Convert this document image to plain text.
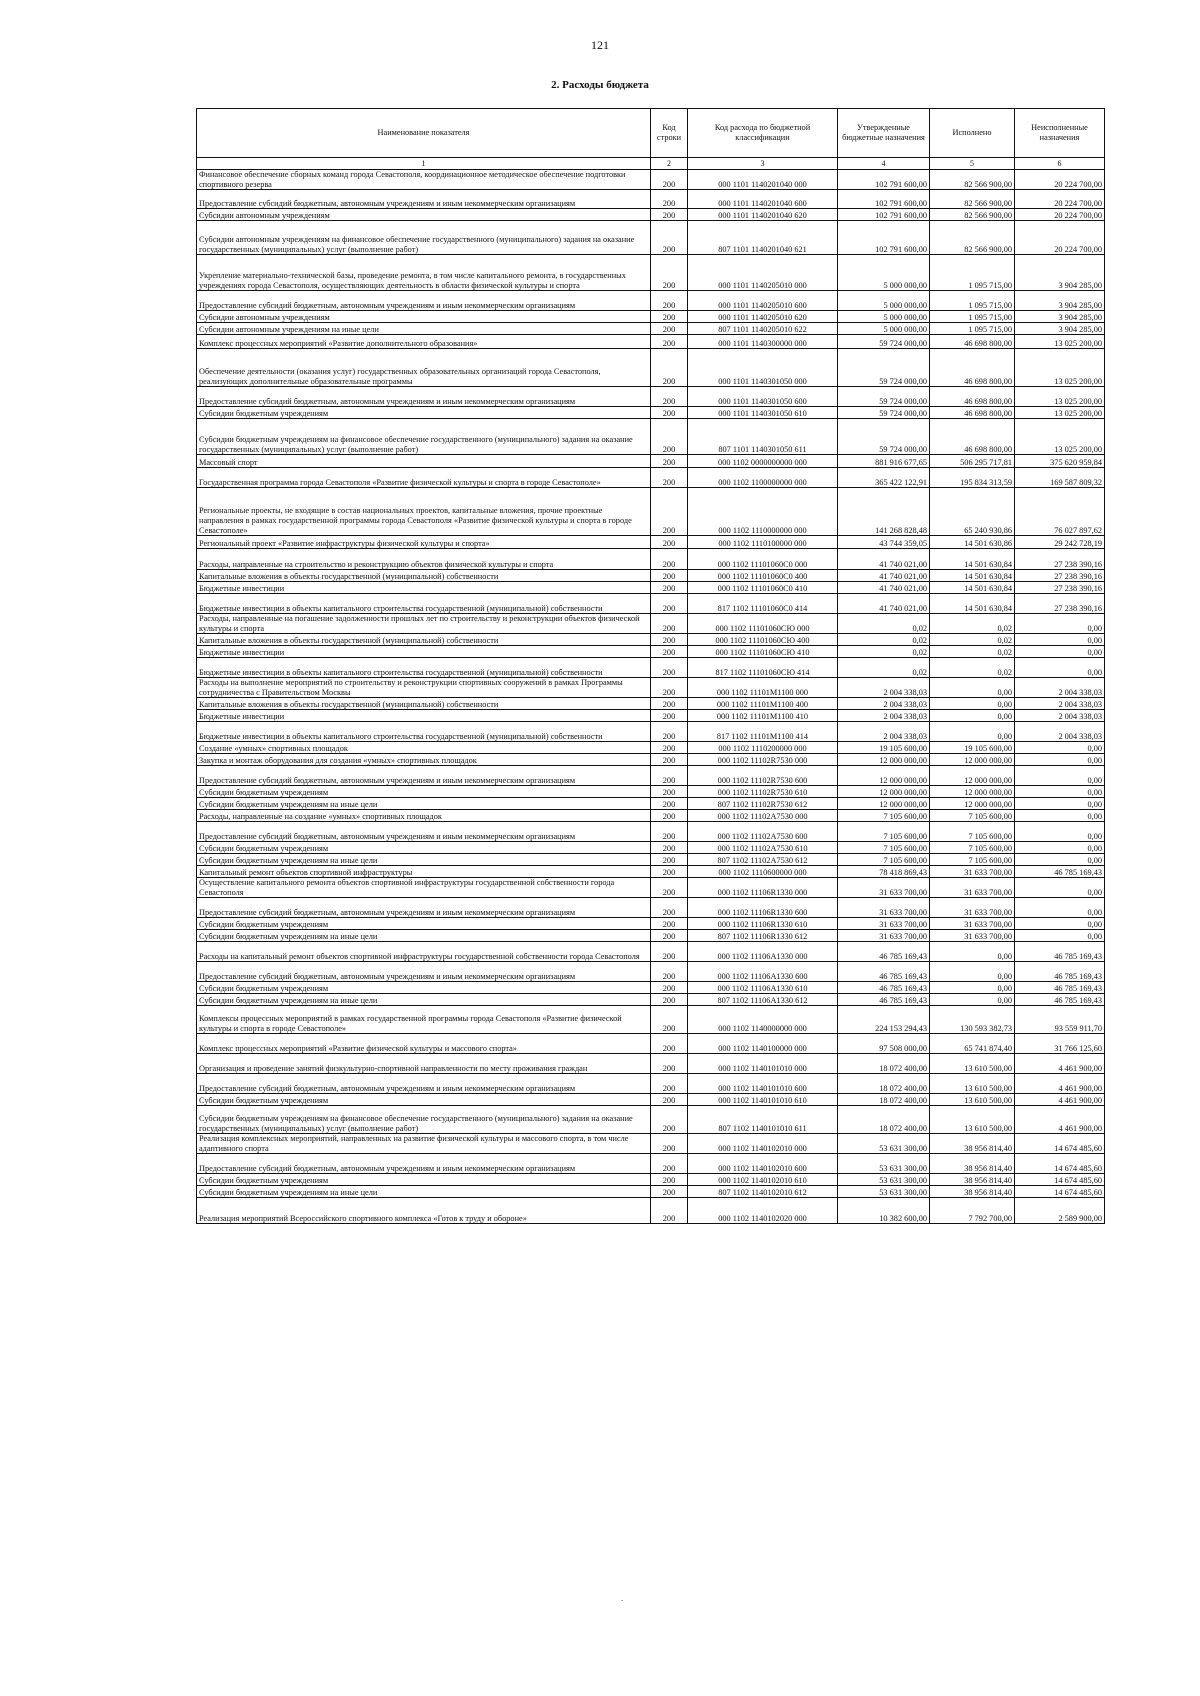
121
2. Расходы бюджета
Наименование показателя	Код строки	Код расхода по бюджетной классификации	Утвержденные бюджетные назначения	Исполнено	Неисполненные назначения
1	2	3	4	5	6
Финансовое обеспечение сборных команд города Севастополя, координационное методическое обеспечение подготовки спортивного резерва	200	000 1101 1140201040 000	102 791 600,00	82 566 900,00	20 224 700,00
Предоставление субсидий бюджетным, автономным учреждениям и иным некоммерческим организациям	200	000 1101 1140201040 600	102 791 600,00	82 566 900,00	20 224 700,00
Субсидии автономным учреждениям	200	000 1101 1140201040 620	102 791 600,00	82 566 900,00	20 224 700,00
Субсидии автономным учреждениям на финансовое обеспечение государственного (муниципального) задания на оказание государственных (муниципальных) услуг (выполнение работ)	200	807 1101 1140201040 621	102 791 600,00	82 566 900,00	20 224 700,00
Укрепление материально-технической базы, проведение ремонта, в том числе капитального ремонта, в государственных учреждениях города Севастополя, осуществляющих деятельность в области физической культуры и спорта	200	000 1101 1140205010 000	5 000 000,00	1 095 715,00	3 904 285,00
Предоставление субсидий бюджетным, автономным учреждениям и иным некоммерческим организациям	200	000 1101 1140205010 600	5 000 000,00	1 095 715,00	3 904 285,00
Субсидии автономным учреждениям	200	000 1101 1140205010 620	5 000 000,00	1 095 715,00	3 904 285,00
Субсидии автономным учреждениям на иные цели	200	807 1101 1140205010 622	5 000 000,00	1 095 715,00	3 904 285,00
Комплекс процессных мероприятий «Развитие дополнительного образования»	200	000 1101 1140300000 000	59 724 000,00	46 698 800,00	13 025 200,00
Обеспечение деятельности (оказания услуг) государственных образовательных организаций города Севастополя, реализующих дополнительные образовательные программы	200	000 1101 1140301050 000	59 724 000,00	46 698 800,00	13 025 200,00
Предоставление субсидий бюджетным, автономным учреждениям и иным некоммерческим организациям	200	000 1101 1140301050 600	59 724 000,00	46 698 800,00	13 025 200,00
Субсидии бюджетным учреждениям	200	000 1101 1140301050 610	59 724 000,00	46 698 800,00	13 025 200,00
Субсидии бюджетным учреждениям на финансовое обеспечение государственного (муниципального) задания на оказание государственных (муниципальных) услуг (выполнение работ)	200	807 1101 1140301050 611	59 724 000,00	46 698 800,00	13 025 200,00
Массовый спорт	200	000 1102 0000000000 000	881 916 677,65	506 295 717,81	375 620 959,84
Государственная программа города Севастополя «Развитие физической культуры и спорта в городе Севастополе»	200	000 1102 1100000000 000	365 422 122,91	195 834 313,59	169 587 809,32
Региональные проекты, не входящие в состав национальных проектов, капитальные вложения, прочие проектные направления в рамках государственной программы города Севастополя «Развитие физической культуры и спорта в городе Севастополе»	200	000 1102 1110000000 000	141 268 828,48	65 240 930,86	76 027 897,62
Региональный проект «Развитие инфраструктуры физической культуры и спорта»	200	000 1102 1110100000 000	43 744 359,05	14 501 630,86	29 242 728,19
Расходы, направленные на строительство и реконструкцию объектов физической культуры и спорта	200	000 1102 11101060С0 000	41 740 021,00	14 501 630,84	27 238 390,16
Капитальные вложения в объекты государственной (муниципальной) собственности	200	000 1102 11101060С0 400	41 740 021,00	14 501 630,84	27 238 390,16
Бюджетные инвестиции	200	000 1102 11101060С0 410	41 740 021,00	14 501 630,84	27 238 390,16
Бюджетные инвестиции в объекты капитального строительства государственной (муниципальной) собственности	200	817 1102 11101060С0 414	41 740 021,00	14 501 630,84	27 238 390,16
Расходы, направленные на погашение задолженности прошлых лет по строительству и реконструкции объектов физической культуры и спорта	200	000 1102 11101060СЮ 000	0,02	0,02	0,00
Капитальные вложения в объекты государственной (муниципальной) собственности	200	000 1102 11101060СЮ 400	0,02	0,02	0,00
Бюджетные инвестиции	200	000 1102 11101060СЮ 410	0,02	0,02	0,00
Бюджетные инвестиции в объекты капитального строительства государственной (муниципальной) собственности	200	817 1102 11101060СЮ 414	0,02	0,02	0,00
Расходы на выполнение мероприятий по строительству и реконструкции спортивных сооружений в рамках Программы сотрудничества с Правительством Москвы	200	000 1102 11101М1100 000	2 004 338,03	0,00	2 004 338,03
Капитальные вложения в объекты государственной (муниципальной) собственности	200	000 1102 11101М1100 400	2 004 338,03	0,00	2 004 338,03
Бюджетные инвестиции	200	000 1102 11101М1100 410	2 004 338,03	0,00	2 004 338,03
Бюджетные инвестиции в объекты капитального строительства государственной (муниципальной) собственности	200	817 1102 11101М1100 414	2 004 338,03	0,00	2 004 338,03
Создание «умных» спортивных площадок	200	000 1102 1110200000 000	19 105 600,00	19 105 600,00	0,00
Закупка и монтаж оборудования для создания «умных» спортивных площадок	200	000 1102 11102R7530 000	12 000 000,00	12 000 000,00	0,00
Предоставление субсидий бюджетным, автономным учреждениям и иным некоммерческим организациям	200	000 1102 11102R7530 600	12 000 000,00	12 000 000,00	0,00
Субсидии бюджетным учреждениям	200	000 1102 11102R7530 610	12 000 000,00	12 000 000,00	0,00
Субсидии бюджетным учреждениям на иные цели	200	807 1102 11102R7530 612	12 000 000,00	12 000 000,00	0,00
Расходы, направленные на создание «умных» спортивных площадок	200	000 1102 11102А7530 000	7 105 600,00	7 105 600,00	0,00
Предоставление субсидий бюджетным, автономным учреждениям и иным некоммерческим организациям	200	000 1102 11102А7530 600	7 105 600,00	7 105 600,00	0,00
Субсидии бюджетным учреждениям	200	000 1102 11102А7530 610	7 105 600,00	7 105 600,00	0,00
Субсидии бюджетным учреждениям на иные цели	200	807 1102 11102А7530 612	7 105 600,00	7 105 600,00	0,00
Капитальный ремонт объектов спортивной инфраструктуры	200	000 1102 1110600000 000	78 418 869,43	31 633 700,00	46 785 169,43
Осуществление капитального ремонта объектов спортивной инфраструктуры государственной собственности города Севастополя	200	000 1102 11106R1330 000	31 633 700,00	31 633 700,00	0,00
Предоставление субсидий бюджетным, автономным учреждениям и иным некоммерческим организациям	200	000 1102 11106R1330 600	31 633 700,00	31 633 700,00	0,00
Субсидии бюджетным учреждениям	200	000 1102 11106R1330 610	31 633 700,00	31 633 700,00	0,00
Субсидии бюджетным учреждениям на иные цели	200	807 1102 11106R1330 612	31 633 700,00	31 633 700,00	0,00
Расходы на капитальный ремонт объектов спортивной инфраструктуры государственной собственности города Севастополя	200	000 1102 11106А1330 000	46 785 169,43	0,00	46 785 169,43
Предоставление субсидий бюджетным, автономным учреждениям и иным некоммерческим организациям	200	000 1102 11106А1330 600	46 785 169,43	0,00	46 785 169,43
Субсидии бюджетным учреждениям	200	000 1102 11106А1330 610	46 785 169,43	0,00	46 785 169,43
Субсидии бюджетным учреждениям на иные цели	200	807 1102 11106А1330 612	46 785 169,43	0,00	46 785 169,43
Комплексы процессных мероприятий в рамках государственной программы города Севастополя «Развитие физической культуры и спорта в городе Севастополе»	200	000 1102 1140000000 000	224 153 294,43	130 593 382,73	93 559 911,70
Комплекс процессных мероприятий «Развитие физической культуры и массового спорта»	200	000 1102 1140100000 000	97 508 000,00	65 741 874,40	31 766 125,60
Организация и проведение занятий физкультурно-спортивной направленности по месту проживания граждан	200	000 1102 1140101010 000	18 072 400,00	13 610 500,00	4 461 900,00
Предоставление субсидий бюджетным, автономным учреждениям и иным некоммерческим организациям	200	000 1102 1140101010 600	18 072 400,00	13 610 500,00	4 461 900,00
Субсидии бюджетным учреждениям	200	000 1102 1140101010 610	18 072 400,00	13 610 500,00	4 461 900,00
Субсидии бюджетным учреждениям на финансовое обеспечение государственного (муниципального) задания на оказание государственных (муниципальных) услуг (выполнение работ)	200	807 1102 1140101010 611	18 072 400,00	13 610 500,00	4 461 900,00
Реализация комплексных мероприятий, направленных на развитие физической культуры и массового спорта, в том числе адаптивного спорта	200	000 1102 1140102010 000	53 631 300,00	38 956 814,40	14 674 485,60
Предоставление субсидий бюджетным, автономным учреждениям и иным некоммерческим организациям	200	000 1102 1140102010 600	53 631 300,00	38 956 814,40	14 674 485,60
Субсидии бюджетным учреждениям	200	000 1102 1140102010 610	53 631 300,00	38 956 814,40	14 674 485,60
Субсидии бюджетным учреждениям на иные цели	200	807 1102 1140102010 612	53 631 300,00	38 956 814,40	14 674 485,60
Реализация мероприятий Всероссийского спортивного комплекса «Готов к труду и обороне»	200	000 1102 1140102020 000	10 382 600,00	7 792 700,00	2 589 900,00
.
